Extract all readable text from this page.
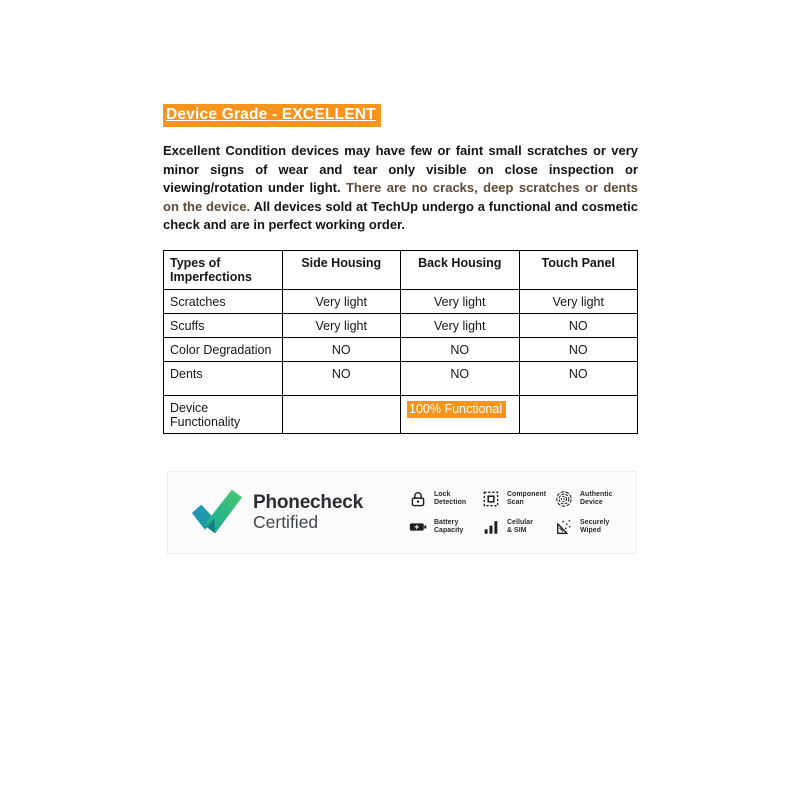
Device Grade - EXCELLENT
Excellent Condition devices may have few or faint small scratches or very minor signs of wear and tear only visible on close inspection or viewing/rotation under light. There are no cracks, deep scratches or dents on the device. All devices sold at TechUp undergo a functional and cosmetic check and are in perfect working order.
Types of Imperfections	Side Housing	Back Housing	Touch Panel
Scratches	Very light	Very light	Very light
Scuffs	Very light	Very light	NO
Color Degradation	NO	NO	NO
Dents	NO	NO	NO
Device Functionality		100% Functional	
Phonecheck
Certified
Lock
Detection
Component
Scan
Authentic
Device
Battery
Capacity
Cellular
& SIM
Securely
Wiped
